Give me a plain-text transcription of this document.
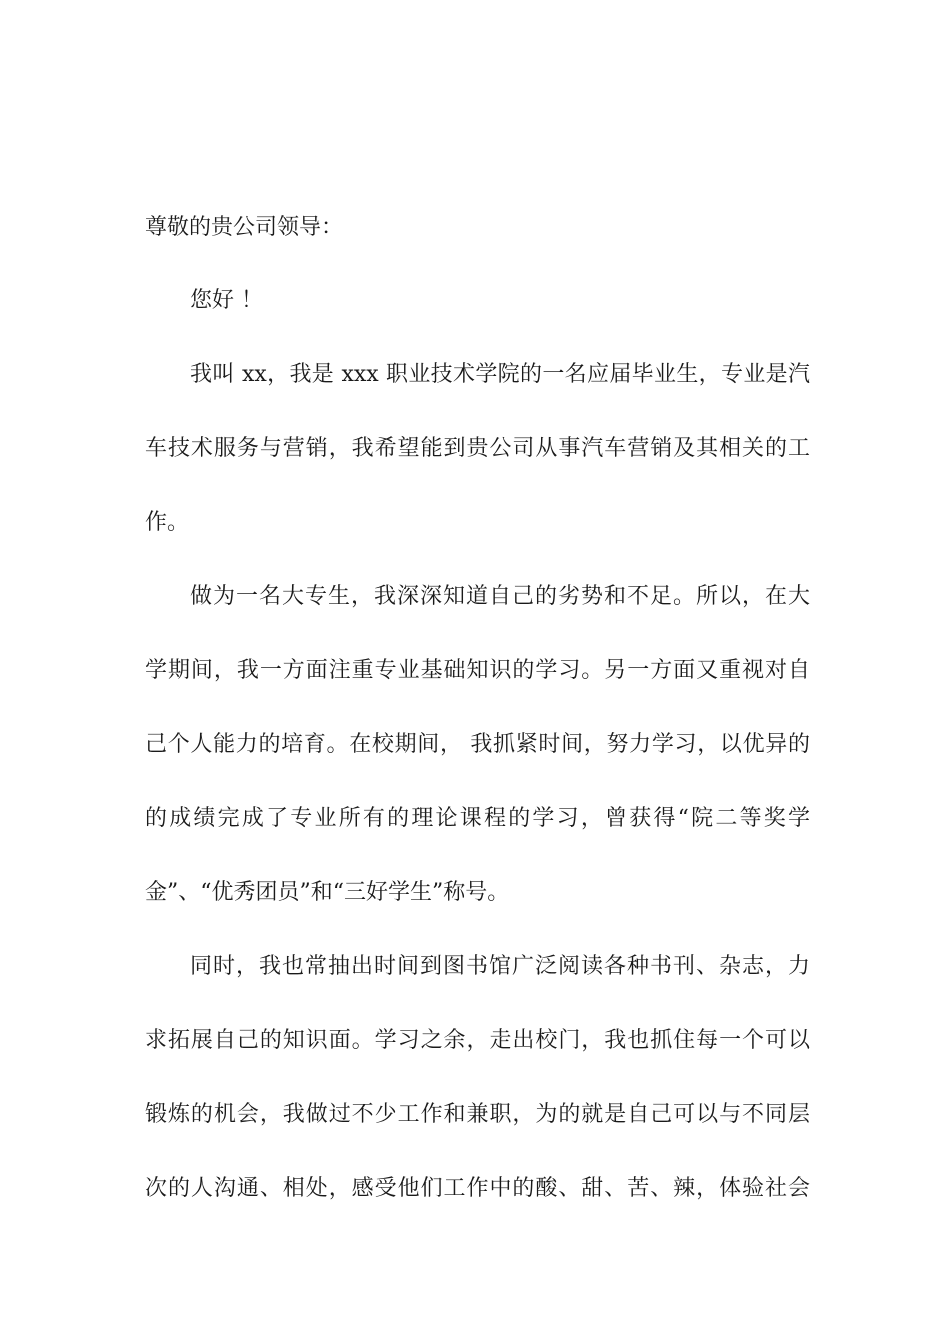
尊敬的贵公司领导：
您好 ！
我叫 xx，我是 xxx 职业技术学院的一名应届毕业生，专业是汽
车技术服务与营销，我希望能到贵公司从事汽车营销及其相关的工
作。
做为一名大专生，我深深知道自己的劣势和不足。所以，在大
学期间，我一方面注重专业基础知识的学习。另一方面又重视对自
己个人能力的培育。在校期间， 我抓紧时间，努力学习，以优异的
的成绩完成了专业所有的理论课程的学习，曾获得“院二等奖学
金”、“优秀团员”和“三好学生”称号。
同时，我也常抽出时间到图书馆广泛阅读各种书刊、杂志，力
求拓展自己的知识面。学习之余，走出校门，我也抓住每一个可以
锻炼的机会，我做过不少工作和兼职，为的就是自己可以与不同层
次的人沟通、相处，感受他们工作中的酸、甜、苦、辣，体验社会
